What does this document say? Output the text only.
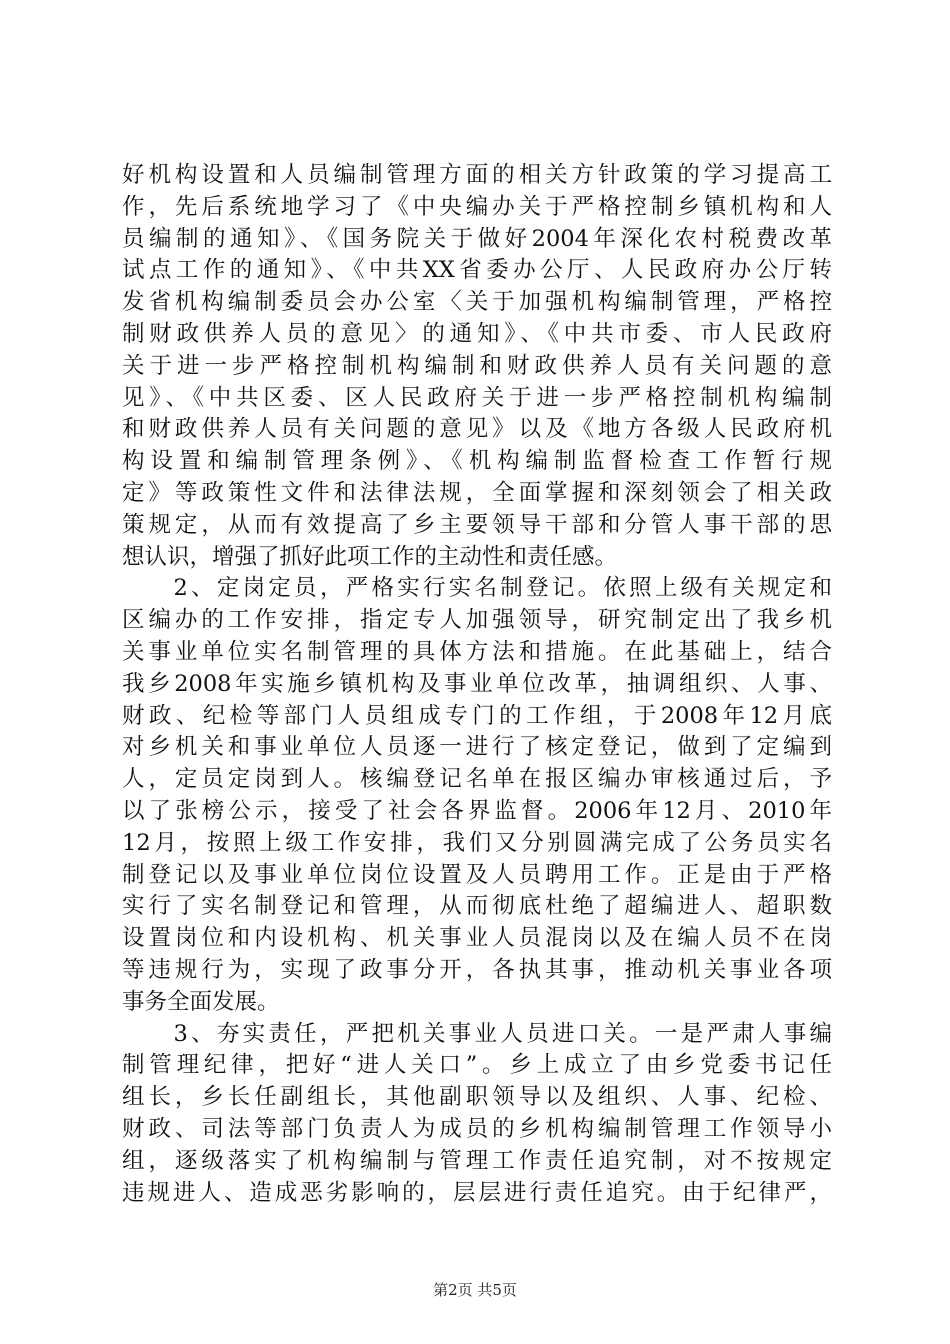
好机构设置和人员编制管理方面的相关方针政策的学习提高工
作，先后系统地学习了《中央编办关于严格控制乡镇机构和人
员编制的通知》、《国务院关于做好2004年深化农村税费改革
试点工作的通知》、《中共XX省委办公厅、人民政府办公厅转
发省机构编制委员会办公室〈关于加强机构编制管理，严格控
制财政供养人员的意见〉的通知》、《中共市委、市人民政府
关于进一步严格控制机构编制和财政供养人员有关问题的意
见》、《中共区委、区人民政府关于进一步严格控制机构编制
和财政供养人员有关问题的意见》以及《地方各级人民政府机
构设置和编制管理条例》、《机构编制监督检查工作暂行规
定》等政策性文件和法律法规，全面掌握和深刻领会了相关政
策规定，从而有效提高了乡主要领导干部和分管人事干部的思
想认识，增强了抓好此项工作的主动性和责任感。
　　2、定岗定员，严格实行实名制登记。依照上级有关规定和
区编办的工作安排，指定专人加强领导，研究制定出了我乡机
关事业单位实名制管理的具体方法和措施。在此基础上，结合
我乡2008年实施乡镇机构及事业单位改革，抽调组织、人事、
财政、纪检等部门人员组成专门的工作组，于2008年12月底
对乡机关和事业单位人员逐一进行了核定登记，做到了定编到
人，定员定岗到人。核编登记名单在报区编办审核通过后，予
以了张榜公示，接受了社会各界监督。2006年12月、2010年
12月，按照上级工作安排，我们又分别圆满完成了公务员实名
制登记以及事业单位岗位设置及人员聘用工作。正是由于严格
实行了实名制登记和管理，从而彻底杜绝了超编进人、超职数
设置岗位和内设机构、机关事业人员混岗以及在编人员不在岗
等违规行为，实现了政事分开，各执其事，推动机关事业各项
事务全面发展。
　　3、夯实责任，严把机关事业人员进口关。一是严肃人事编
制管理纪律，把好“进人关口”。乡上成立了由乡党委书记任
组长，乡长任副组长，其他副职领导以及组织、人事、纪检、
财政、司法等部门负责人为成员的乡机构编制管理工作领导小
组，逐级落实了机构编制与管理工作责任追究制，对不按规定
违规进人、造成恶劣影响的，层层进行责任追究。由于纪律严，
第2页 共5页
